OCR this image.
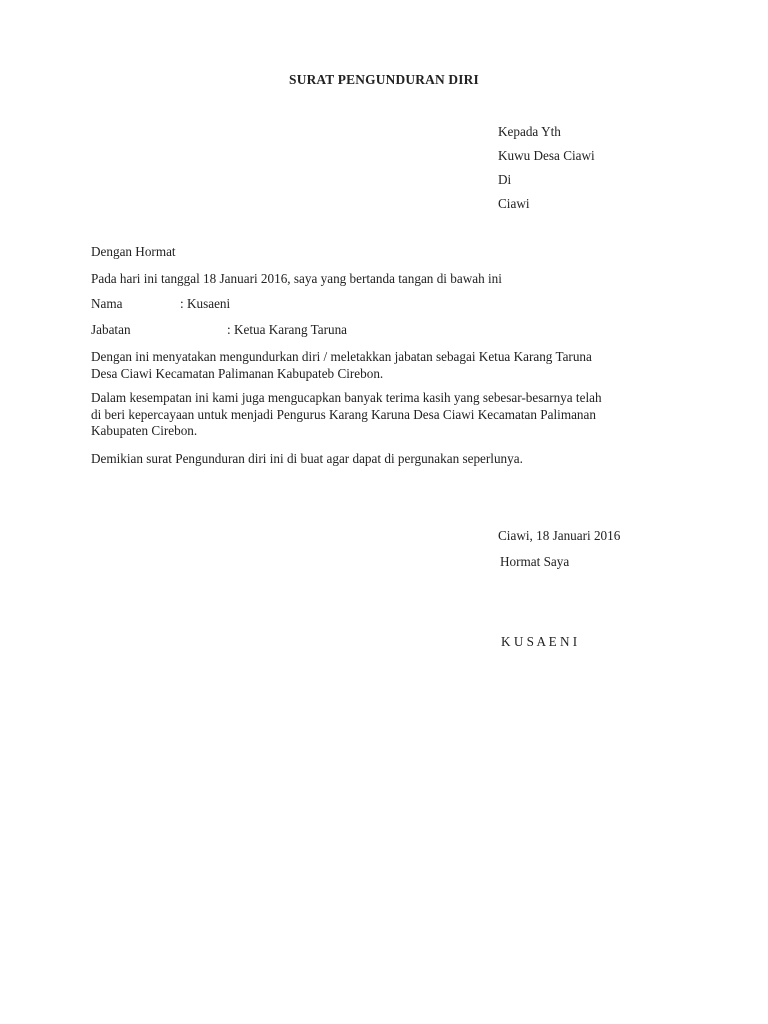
SURAT PENGUNDURAN DIRI
Kepada Yth
Kuwu Desa Ciawi
Di
Ciawi
Dengan Hormat
Pada hari ini tanggal 18 Januari 2016, saya yang bertanda tangan di bawah ini
Nama	: Kusaeni
Jabatan	: Ketua Karang Taruna
Dengan ini menyatakan mengundurkan diri / meletakkan jabatan sebagai Ketua Karang Taruna
Desa Ciawi Kecamatan Palimanan Kabupateb Cirebon.
Dalam kesempatan ini kami juga mengucapkan banyak terima kasih yang sebesar-besarnya telah
di beri kepercayaan untuk menjadi Pengurus Karang Karuna Desa Ciawi Kecamatan Palimanan
Kabupaten Cirebon.
Demikian surat Pengunduran diri ini di buat agar dapat di pergunakan seperlunya.
Ciawi, 18 Januari 2016
Hormat Saya
K U S A E N I
